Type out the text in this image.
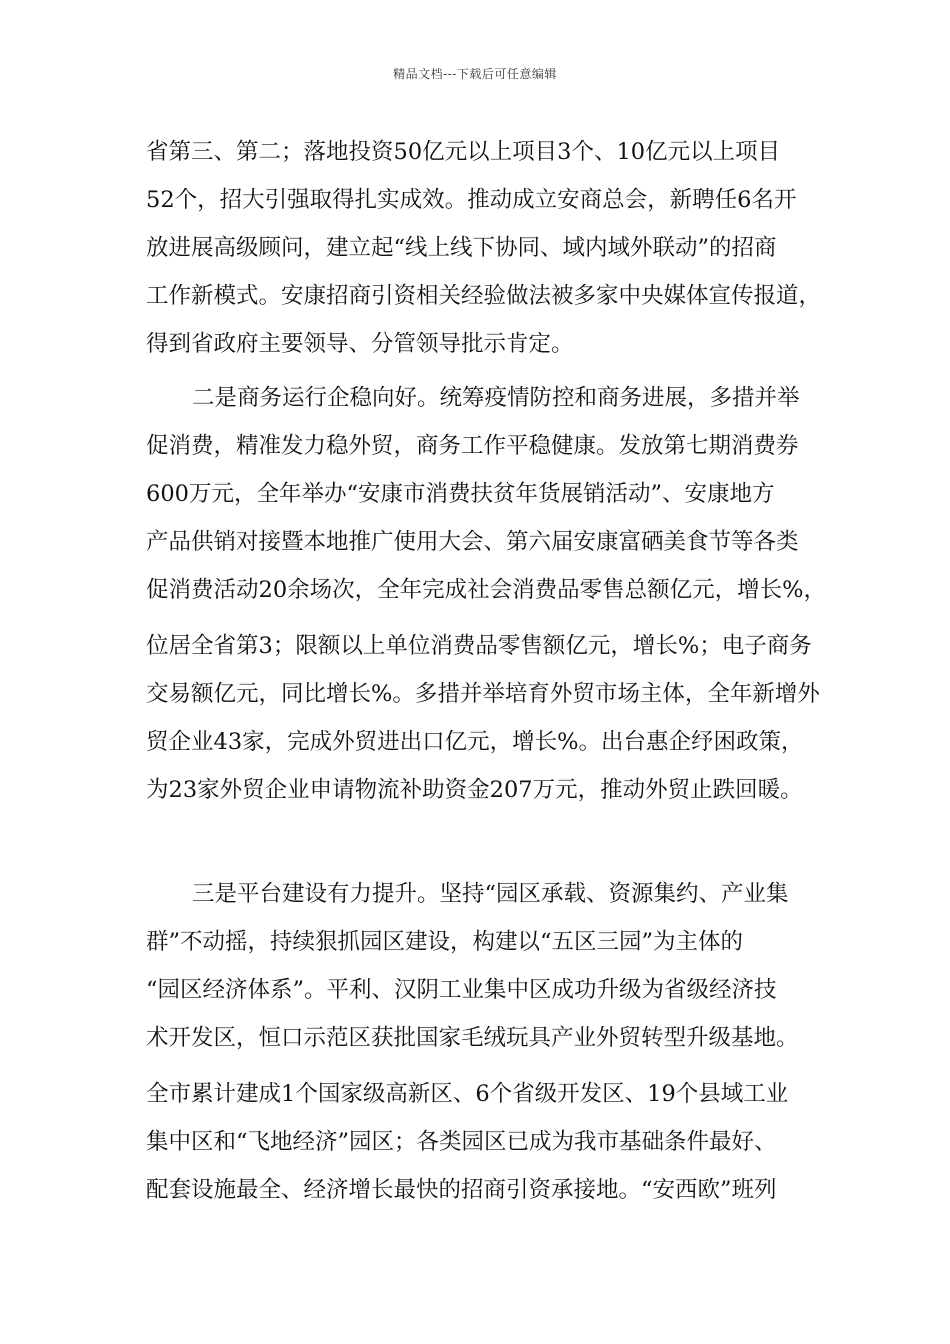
精品文档---下载后可任意编辑
省第三、第二；落地投资50亿元以上项目3个、10亿元以上项目
52个，招大引强取得扎实成效。推动成立安商总会，新聘任6名开
放进展高级顾问，建立起“线上线下协同、域内域外联动”的招商
工作新模式。安康招商引资相关经验做法被多家中央媒体宣传报道，
得到省政府主要领导、分管领导批示肯定。
二是商务运行企稳向好。统筹疫情防控和商务进展，多措并举
促消费，精准发力稳外贸，商务工作平稳健康。发放第七期消费券
600万元，全年举办“安康市消费扶贫年货展销活动”、安康地方
产品供销对接暨本地推广使用大会、第六届安康富硒美食节等各类
促消费活动20余场次，全年完成社会消费品零售总额亿元，增长%，
位居全省第3；限额以上单位消费品零售额亿元，增长%；电子商务
交易额亿元，同比增长%。多措并举培育外贸市场主体，全年新增外
贸企业43家，完成外贸进出口亿元，增长%。出台惠企纾困政策，
为23家外贸企业申请物流补助资金207万元，推动外贸止跌回暖。
三是平台建设有力提升。坚持“园区承载、资源集约、产业集
群”不动摇，持续狠抓园区建设，构建以“五区三园”为主体的
“园区经济体系”。平利、汉阴工业集中区成功升级为省级经济技
术开发区，恒口示范区获批国家毛绒玩具产业外贸转型升级基地。
全市累计建成1个国家级高新区、6个省级开发区、19个县域工业
集中区和“飞地经济”园区；各类园区已成为我市基础条件最好、
配套设施最全、经济增长最快的招商引资承接地。“安西欧”班列
